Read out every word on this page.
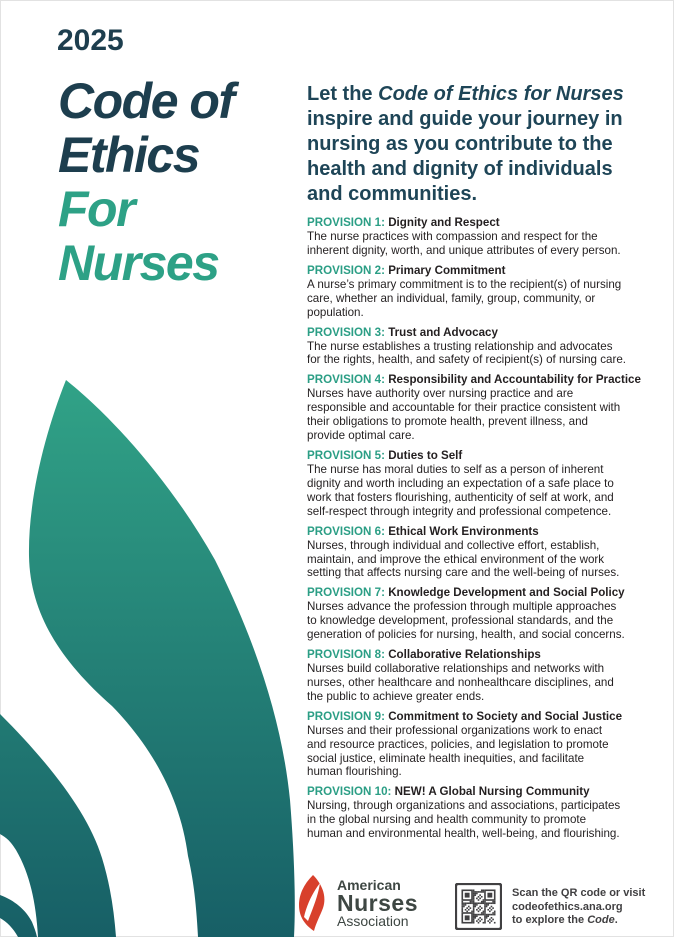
2025
Code of
Ethics
For
Nurses
Let the Code of Ethics for Nurses
inspire and guide your journey in
nursing as you contribute to the
health and dignity of individuals
and communities.
PROVISION 1: Dignity and Respect
The nurse practices with compassion and respect for the
inherent dignity, worth, and unique attributes of every person.
PROVISION 2: Primary Commitment
A nurse’s primary commitment is to the recipient(s) of nursing
care, whether an individual, family, group, community, or
population.
PROVISION 3: Trust and Advocacy
The nurse establishes a trusting relationship and advocates
for the rights, health, and safety of recipient(s) of nursing care.
PROVISION 4: Responsibility and Accountability for Practice
Nurses have authority over nursing practice and are
responsible and accountable for their practice consistent with
their obligations to promote health, prevent illness, and
provide optimal care.
PROVISION 5: Duties to Self
The nurse has moral duties to self as a person of inherent
dignity and worth including an expectation of a safe place to
work that fosters flourishing, authenticity of self at work, and
self-respect through integrity and professional competence.
PROVISION 6: Ethical Work Environments
Nurses, through individual and collective effort, establish,
maintain, and improve the ethical environment of the work
setting that affects nursing care and the well-being of nurses.
PROVISION 7: Knowledge Development and Social Policy
Nurses advance the profession through multiple approaches
to knowledge development, professional standards, and the
generation of policies for nursing, health, and social concerns.
PROVISION 8: Collaborative Relationships
Nurses build collaborative relationships and networks with
nurses, other healthcare and nonhealthcare disciplines, and
the public to achieve greater ends.
PROVISION 9: Commitment to Society and Social Justice
Nurses and their professional organizations work to enact
and resource practices, policies, and legislation to promote
social justice, eliminate health inequities, and facilitate
human flourishing.
PROVISION 10: NEW! A Global Nursing Community
Nursing, through organizations and associations, participates
in the global nursing and health community to promote
human and environmental health, well-being, and flourishing.
American
Nurses
Association
Scan the QR code or visit
codeofethics.ana.org
to explore the Code.
